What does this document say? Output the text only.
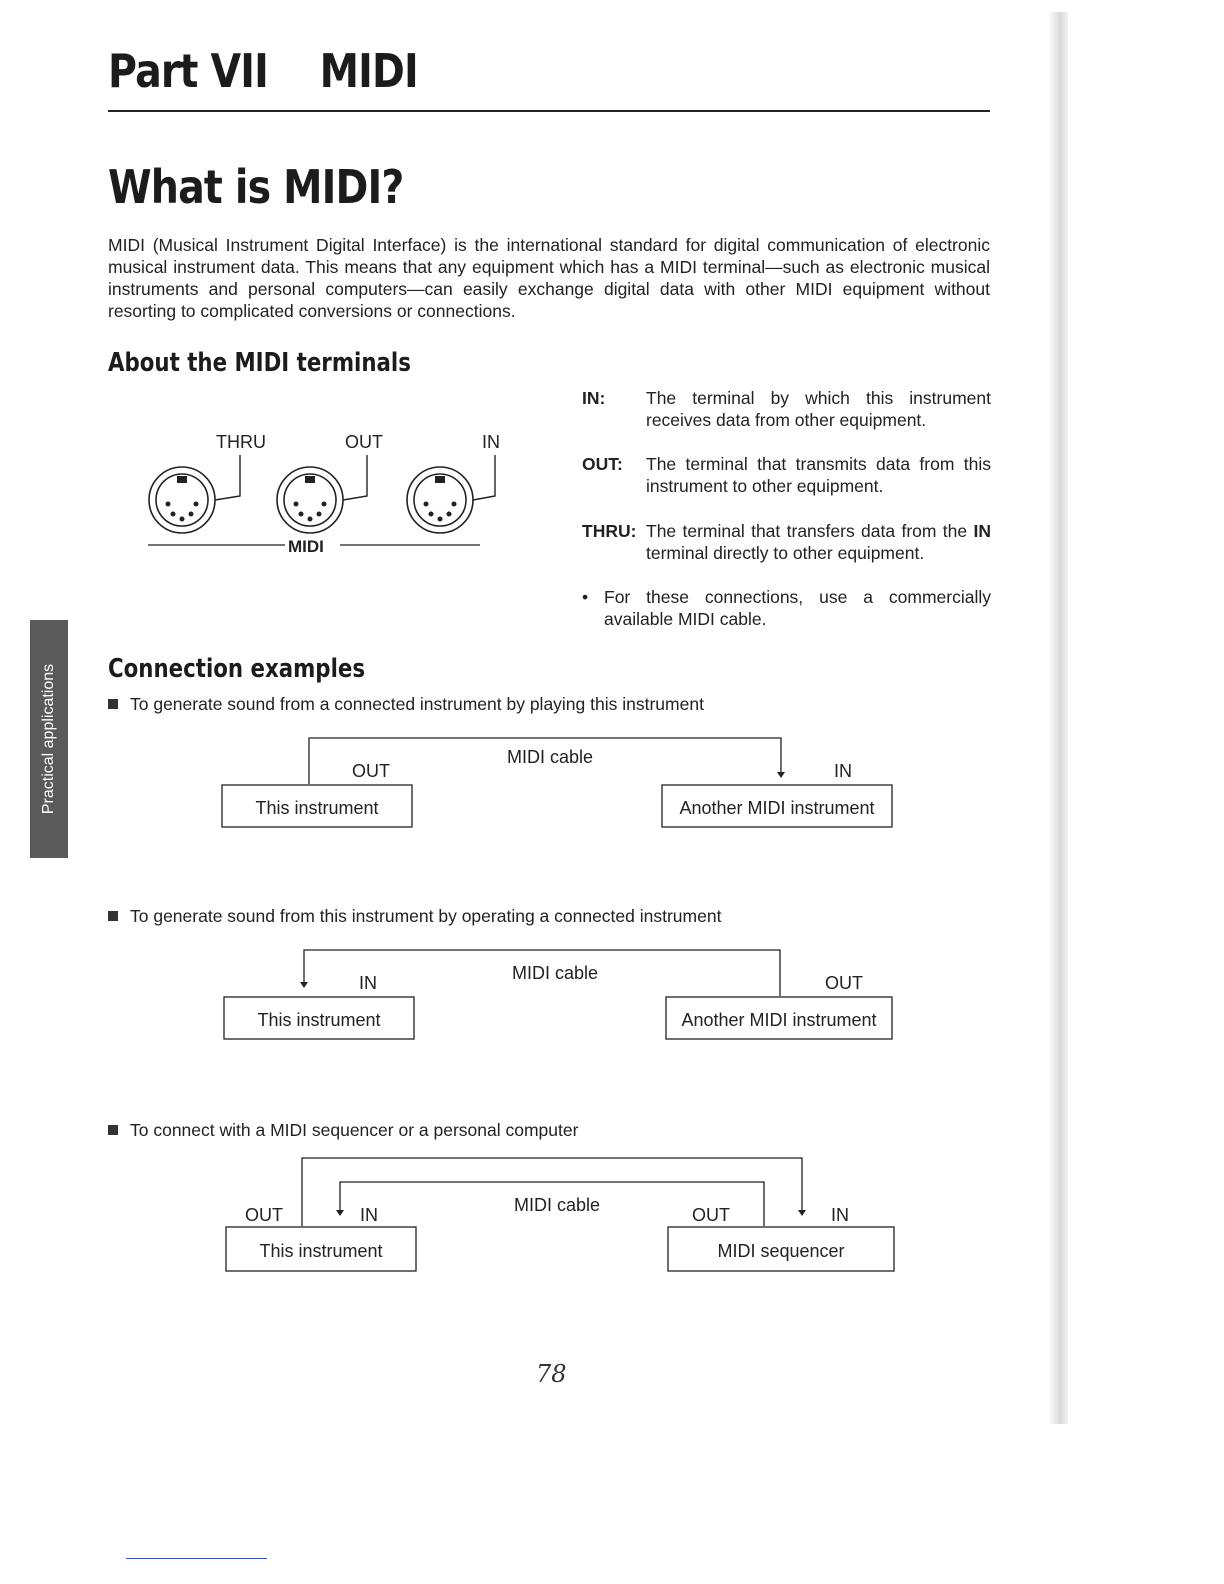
Part VII    MIDI
What is MIDI?

MIDI (Musical Instrument Digital Interface) is the international standard for digital communication of electronic musical instrument data. This means that any equipment which has a MIDI terminal—such as electronic musical instruments and personal computers—can easily exchange digital data with other MIDI equipment without resorting to complicated conversions or connections.

About the MIDI terminals
THRU	OUT	IN
MIDI
IN: The terminal by which this instrument receives data from other equipment.
OUT: The terminal that transmits data from this instrument to other equipment.
THRU: The terminal that transfers data from the IN terminal directly to other equipment.
• For these connections, use a commercially available MIDI cable.
Practical applications Connection examples
To generate sound from a connected instrument by playing this instrument
MIDI cable
OUT	IN
This instrument	Another MIDI instrument
To generate sound from this instrument by operating a connected instrument
MIDI cable
IN	OUT
This instrument	Another MIDI instrument
To connect with a MIDI sequencer or a personal computer
MIDI cable
OUT	IN	OUT	IN
This instrument	MIDI sequencer
78
